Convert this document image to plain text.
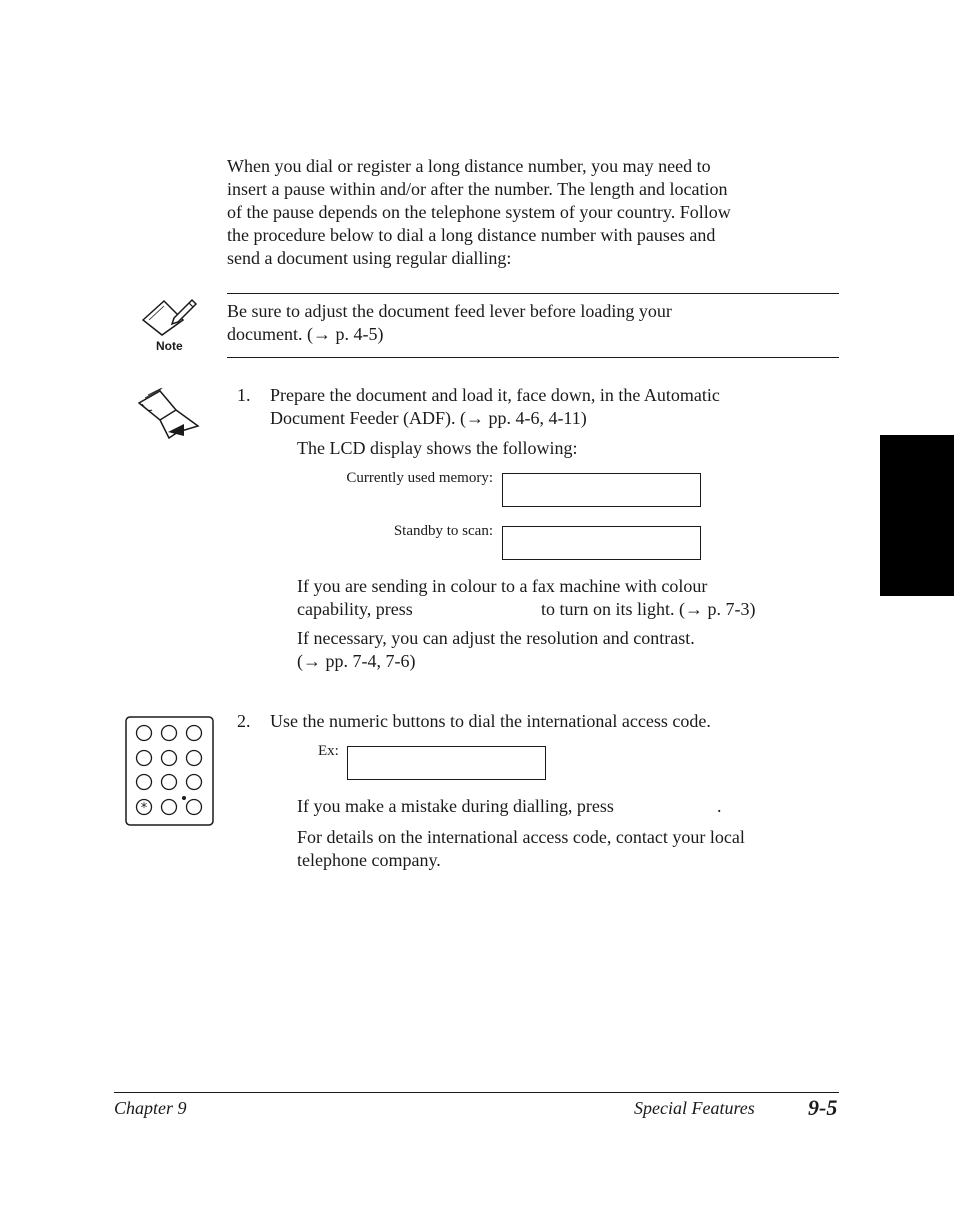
When you dial or register a long distance number, you may need to
insert a pause within and/or after the number. The length and location
of the pause depends on the telephone system of your country. Follow
the procedure below to dial a long distance number with pauses and
send a document using regular dialling:
Note
Be sure to adjust the document feed lever before loading your
document. (→ p. 4-5)
1. Prepare the document and load it, face down, in the Automatic
Document Feeder (ADF). (→ pp. 4-6, 4-11)
The LCD display shows the following:
Currently used memory:
Standby to scan:
If you are sending in colour to a fax machine with colour
capability, press	to turn on its light. (→ p. 7-3)
If necessary, you can adjust the resolution and contrast.
(→ pp. 7-4, 7-6)
*
2. Use the numeric buttons to dial the international access code.
Ex:
If you make a mistake during dialling, press	.
For details on the international access code, contact your local
telephone company.
Chapter 9	Special Features 9-5
